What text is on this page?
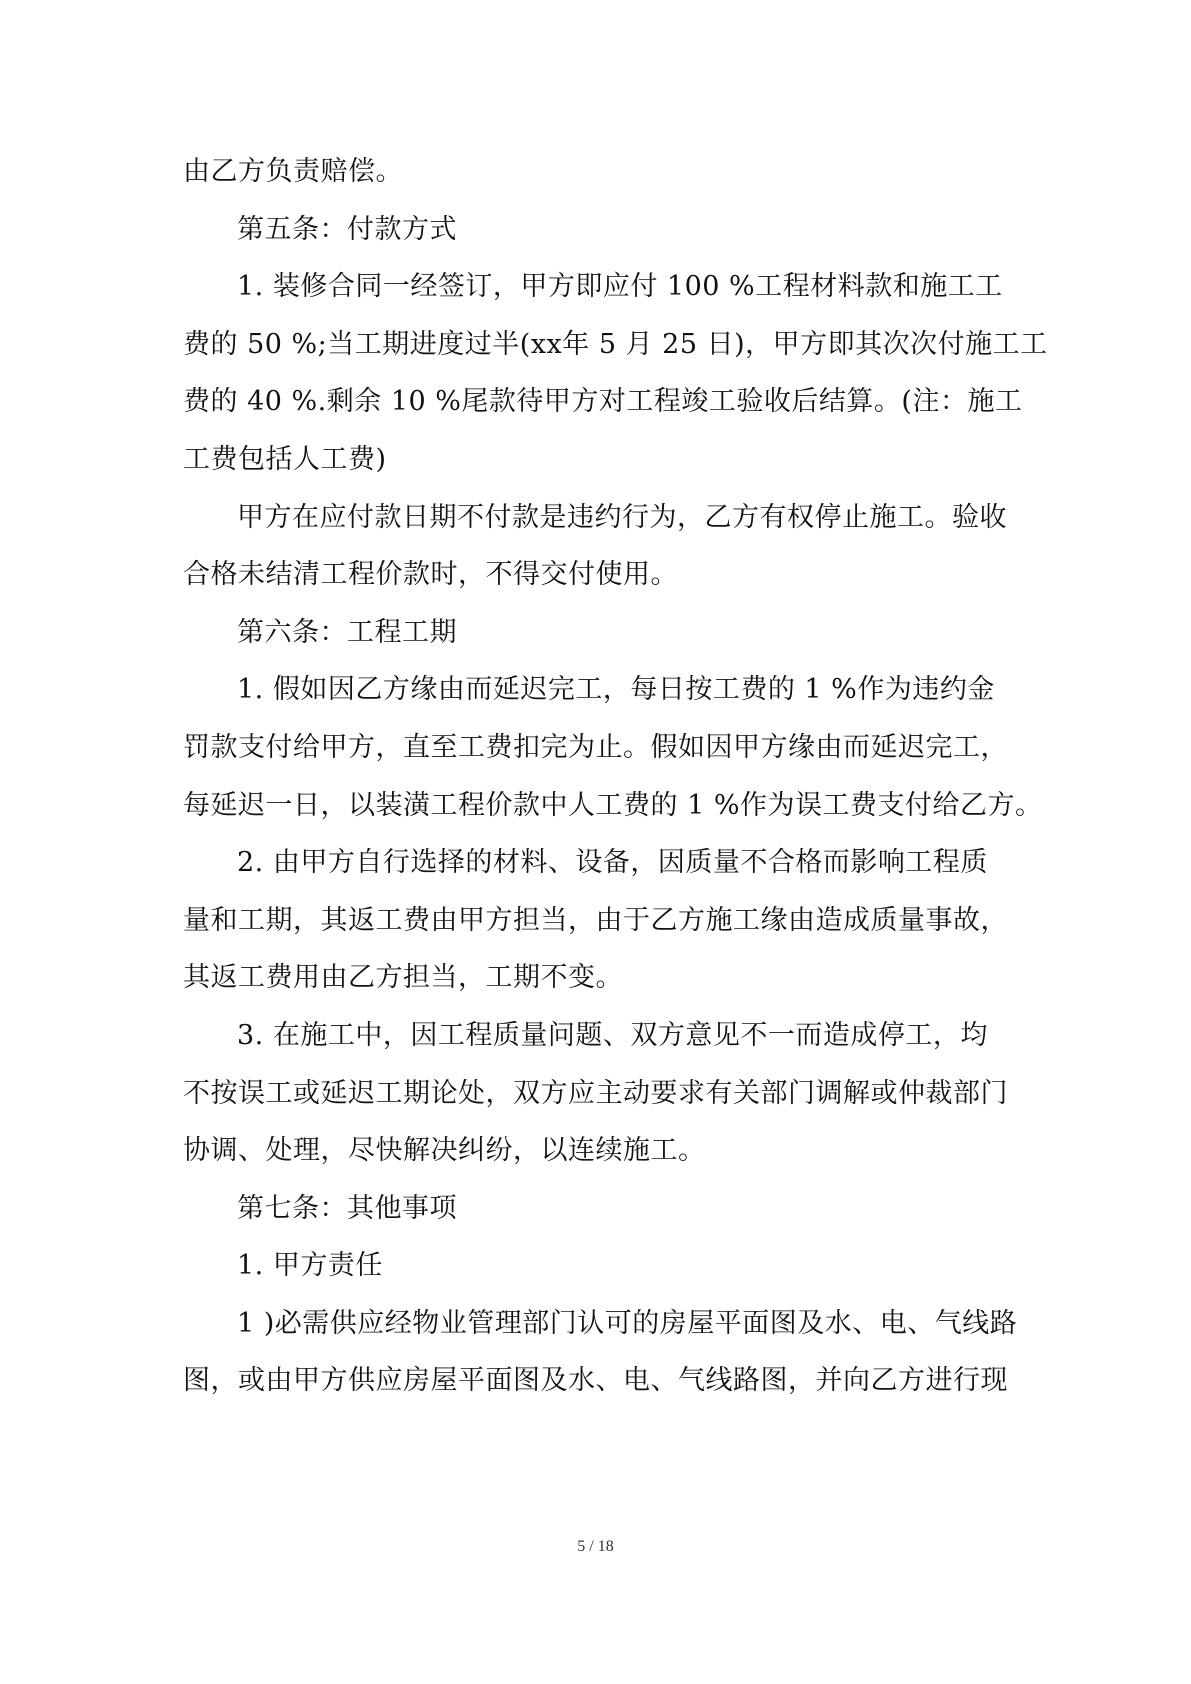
由乙方负责赔偿。
第五条：付款方式
1. 装修合同一经签订，甲方即应付 100 %工程材料款和施工工
费的 50 %;当工期进度过半(xx年 5 月 25 日)，甲方即其次次付施工工
费的 40 %.剩余 10 %尾款待甲方对工程竣工验收后结算。(注：施工
工费包括人工费)
甲方在应付款日期不付款是违约行为，乙方有权停止施工。验收
合格未结清工程价款时，不得交付使用。
第六条：工程工期
1. 假如因乙方缘由而延迟完工，每日按工费的 1 %作为违约金
罚款支付给甲方，直至工费扣完为止。假如因甲方缘由而延迟完工，
每延迟一日，以装潢工程价款中人工费的 1 %作为误工费支付给乙方。
2. 由甲方自行选择的材料、设备，因质量不合格而影响工程质
量和工期，其返工费由甲方担当，由于乙方施工缘由造成质量事故，
其返工费用由乙方担当，工期不变。
3. 在施工中，因工程质量问题、双方意见不一而造成停工，均
不按误工或延迟工期论处，双方应主动要求有关部门调解或仲裁部门
协调、处理，尽快解决纠纷，以连续施工。
第七条：其他事项
1. 甲方责任
1 )必需供应经物业管理部门认可的房屋平面图及水、电、气线路
图，或由甲方供应房屋平面图及水、电、气线路图，并向乙方进行现
5 / 18
